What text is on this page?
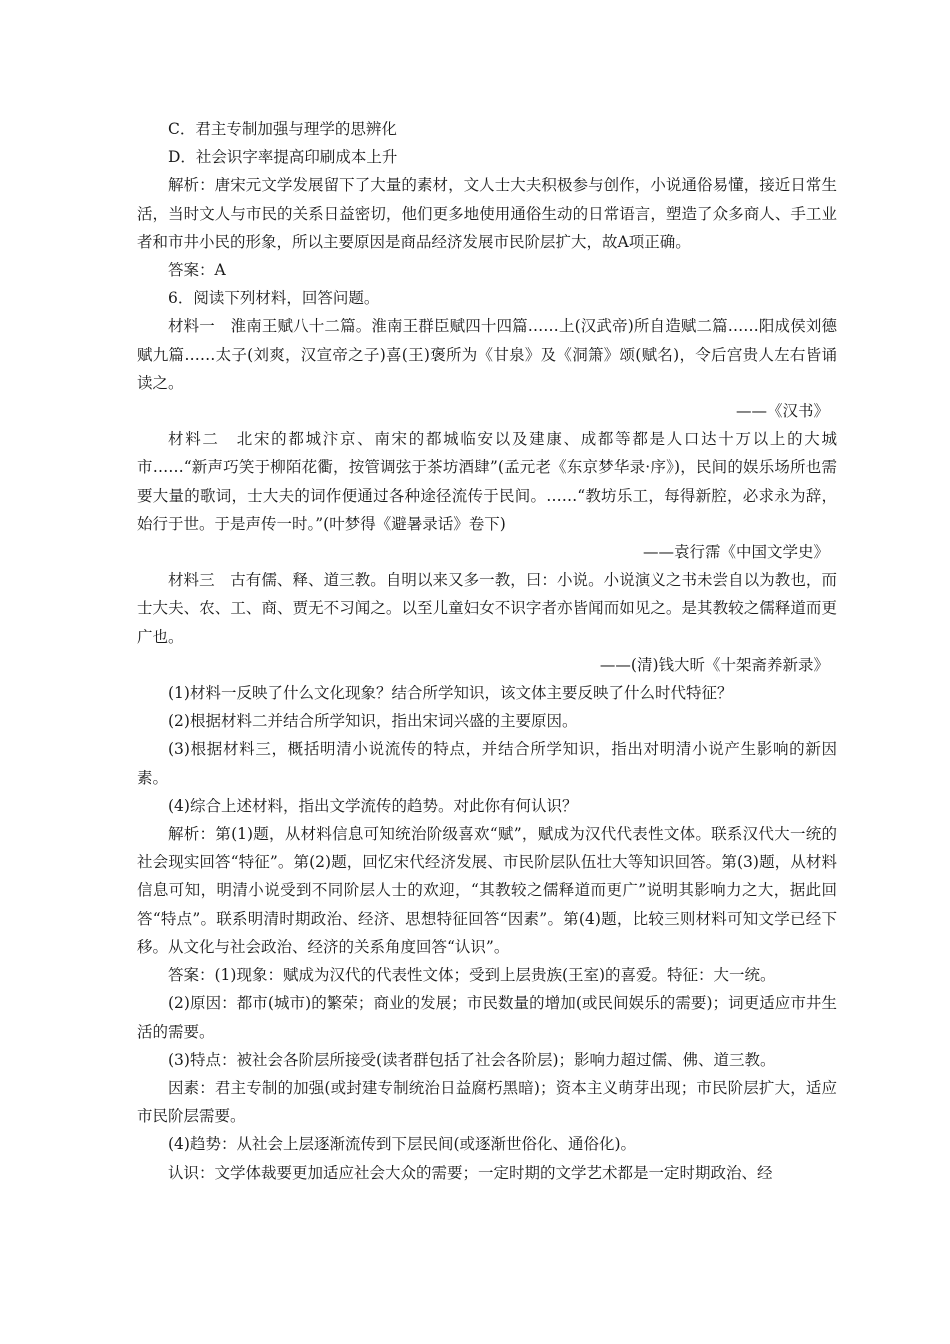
C．君主专制加强与理学的思辨化

D．社会识字率提高印刷成本上升

解析：唐宋元文学发展留下了大量的素材，文人士大夫积极参与创作，小说通俗易懂，接近日常生活，当时文人与市民的关系日益密切，他们更多地使用通俗生动的日常语言，塑造了众多商人、手工业者和市井小民的形象，所以主要原因是商品经济发展市民阶层扩大，故A项正确。

答案：A

6．阅读下列材料，回答问题。

材料一　淮南王赋八十二篇。淮南王群臣赋四十四篇……上(汉武帝)所自造赋二篇……阳成侯刘德赋九篇……太子(刘爽，汉宣帝之子)喜(王)褒所为《甘泉》及《洞箫》颂(赋名)，令后宫贵人左右皆诵读之。

——《汉书》

材料二　北宋的都城汴京、南宋的都城临安以及建康、成都等都是人口达十万以上的大城市……“新声巧笑于柳陌花衢，按管调弦于茶坊酒肆”(孟元老《东京梦华录·序》)，民间的娱乐场所也需要大量的歌词，士大夫的词作便通过各种途径流传于民间。……“教坊乐工，每得新腔，必求永为辞，始行于世。于是声传一时。”(叶梦得《避暑录话》卷下)

——袁行霈《中国文学史》

材料三　古有儒、释、道三教。自明以来又多一教，曰：小说。小说演义之书未尝自以为教也，而士大夫、农、工、商、贾无不习闻之。以至儿童妇女不识字者亦皆闻而如见之。是其教较之儒释道而更广也。

——(清)钱大昕《十架斋养新录》

(1)材料一反映了什么文化现象？结合所学知识，该文体主要反映了什么时代特征？

(2)根据材料二并结合所学知识，指出宋词兴盛的主要原因。

(3)根据材料三，概括明清小说流传的特点，并结合所学知识，指出对明清小说产生影响的新因素。

(4)综合上述材料，指出文学流传的趋势。对此你有何认识？

解析：第(1)题，从材料信息可知统治阶级喜欢“赋”，赋成为汉代代表性文体。联系汉代大一统的社会现实回答“特征”。第(2)题，回忆宋代经济发展、市民阶层队伍壮大等知识回答。第(3)题，从材料信息可知，明清小说受到不同阶层人士的欢迎，“其教较之儒释道而更广”说明其影响力之大，据此回答“特点”。联系明清时期政治、经济、思想特征回答“因素”。第(4)题，比较三则材料可知文学已经下移。从文化与社会政治、经济的关系角度回答“认识”。

答案：(1)现象：赋成为汉代的代表性文体；受到上层贵族(王室)的喜爱。特征：大一统。

(2)原因：都市(城市)的繁荣；商业的发展；市民数量的增加(或民间娱乐的需要)；词更适应市井生活的需要。

(3)特点：被社会各阶层所接受(读者群包括了社会各阶层)；影响力超过儒、佛、道三教。

因素：君主专制的加强(或封建专制统治日益腐朽黑暗)；资本主义萌芽出现；市民阶层扩大，适应市民阶层需要。

(4)趋势：从社会上层逐渐流传到下层民间(或逐渐世俗化、通俗化)。

认识：文学体裁要更加适应社会大众的需要；一定时期的文学艺术都是一定时期政治、经
